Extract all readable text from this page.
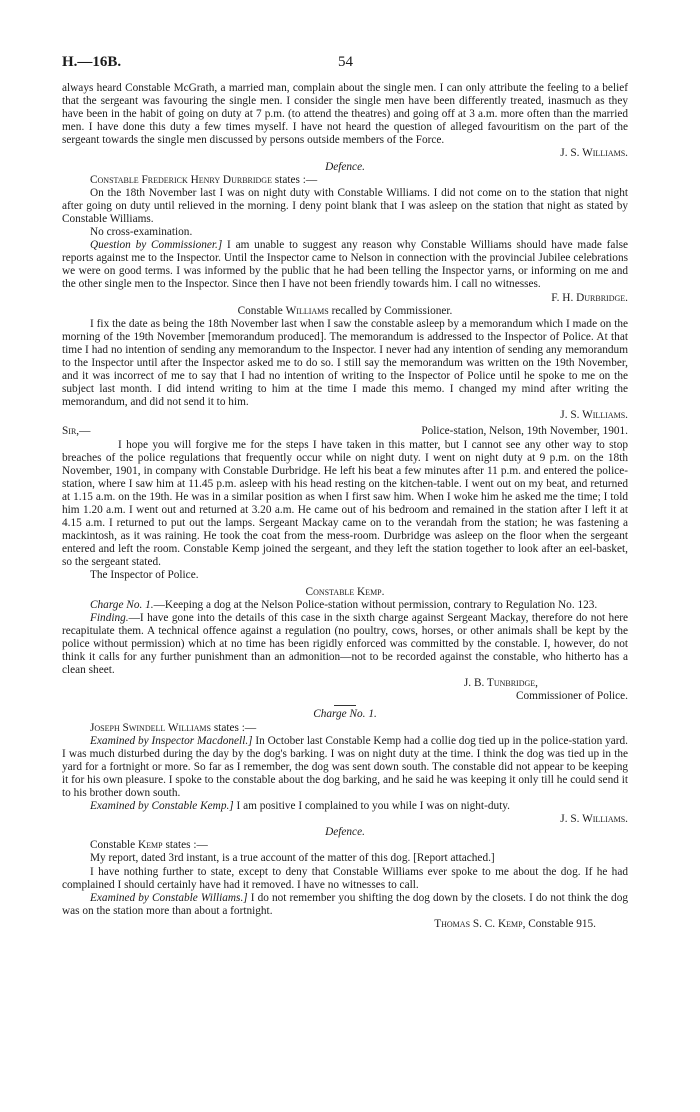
H.—16B.	54

always heard Constable McGrath, a married man, complain about the single men. I can only attribute the feeling to a belief that the sergeant was favouring the single men. I consider the single men have been differently treated, inasmuch as they have been in the habit of going on duty at 7 p.m. (to attend the theatres) and going off at 3 a.m. more often than the married men. I have done this duty a few times myself. I have not heard the question of alleged favouritism on the part of the sergeant towards the single men discussed by persons outside members of the Force.

J. S. Williams.

Defence.

Constable Frederick Henry Durbridge states :—

On the 18th November last I was on night duty with Constable Williams. I did not come on to the station that night after going on duty until relieved in the morning. I deny point blank that I was asleep on the station that night as stated by Constable Williams.

No cross-examination.

Question by Commissioner.] I am unable to suggest any reason why Constable Williams should have made false reports against me to the Inspector. Until the Inspector came to Nelson in connection with the provincial Jubilee celebrations we were on good terms. I was informed by the public that he had been telling the Inspector yarns, or informing on me and the other single men to the Inspector. Since then I have not been friendly towards him. I call no witnesses.

F. H. Durbridge.

Constable Williams recalled by Commissioner.

I fix the date as being the 18th November last when I saw the constable asleep by a memorandum which I made on the morning of the 19th November [memorandum produced]. The memorandum is addressed to the Inspector of Police. At that time I had no intention of sending any memorandum to the Inspector. I never had any intention of sending any memorandum to the Inspector until after the Inspector asked me to do so. I still say the memorandum was written on the 19th November, and it was incorrect of me to say that I had no intention of writing to the Inspector of Police until he spoke to me on the subject last month. I did intend writing to him at the time I made this memo. I changed my mind after writing the memorandum, and did not send it to him.

J. S. Williams.

Sir,—	Police-station, Nelson, 19th November, 1901.

I hope you will forgive me for the steps I have taken in this matter, but I cannot see any other way to stop breaches of the police regulations that frequently occur while on night duty. I went on night duty at 9 p.m. on the 18th November, 1901, in company with Constable Durbridge. He left his beat a few minutes after 11 p.m. and entered the police-station, where I saw him at 11.45 p.m. asleep with his head resting on the kitchen-table. I went out on my beat, and returned at 1.15 a.m. on the 19th. He was in a similar position as when I first saw him. When I woke him he asked me the time; I told him 1.20 a.m. I went out and returned at 3.20 a.m. He came out of his bedroom and remained in the station after I left it at 4.15 a.m. I returned to put out the lamps. Sergeant Mackay came on to the verandah from the station; he was fastening a mackintosh, as it was raining. He took the coat from the mess-room. Durbridge was asleep on the floor when the sergeant entered and left the room. Constable Kemp joined the sergeant, and they left the station together to look after an eel-basket, so the sergeant stated.

The Inspector of Police.

Constable Kemp.

Charge No. 1.—Keeping a dog at the Nelson Police-station without permission, contrary to Regulation No. 123.

Finding.—I have gone into the details of this case in the sixth charge against Sergeant Mackay, therefore do not here recapitulate them. A technical offence against a regulation (no poultry, cows, horses, or other animals shall be kept by the police without permission) which at no time has been rigidly enforced was committed by the constable. I, however, do not think it calls for any further punishment than an admonition—not to be recorded against the constable, who hitherto has a clean sheet.

J. B. Tunbridge,

Commissioner of Police.

Charge No. 1.

Joseph Swindell Williams states :—

Examined by Inspector Macdonell.] In October last Constable Kemp had a collie dog tied up in the police-station yard. I was much disturbed during the day by the dog's barking. I was on night duty at the time. I think the dog was tied up in the yard for a fortnight or more. So far as I remember, the dog was sent down south. The constable did not appear to be keeping it for his own pleasure. I spoke to the constable about the dog barking, and he said he was keeping it only till he could send it to his brother down south.

Examined by Constable Kemp.] I am positive I complained to you while I was on night-duty.

J. S. Williams.

Defence.

Constable Kemp states :—

My report, dated 3rd instant, is a true account of the matter of this dog. [Report attached.]

I have nothing further to state, except to deny that Constable Williams ever spoke to me about the dog. If he had complained I should certainly have had it removed. I have no witnesses to call.

Examined by Constable Williams.] I do not remember you shifting the dog down by the closets. I do not think the dog was on the station more than about a fortnight.

Thomas S. C. Kemp, Constable 915.
